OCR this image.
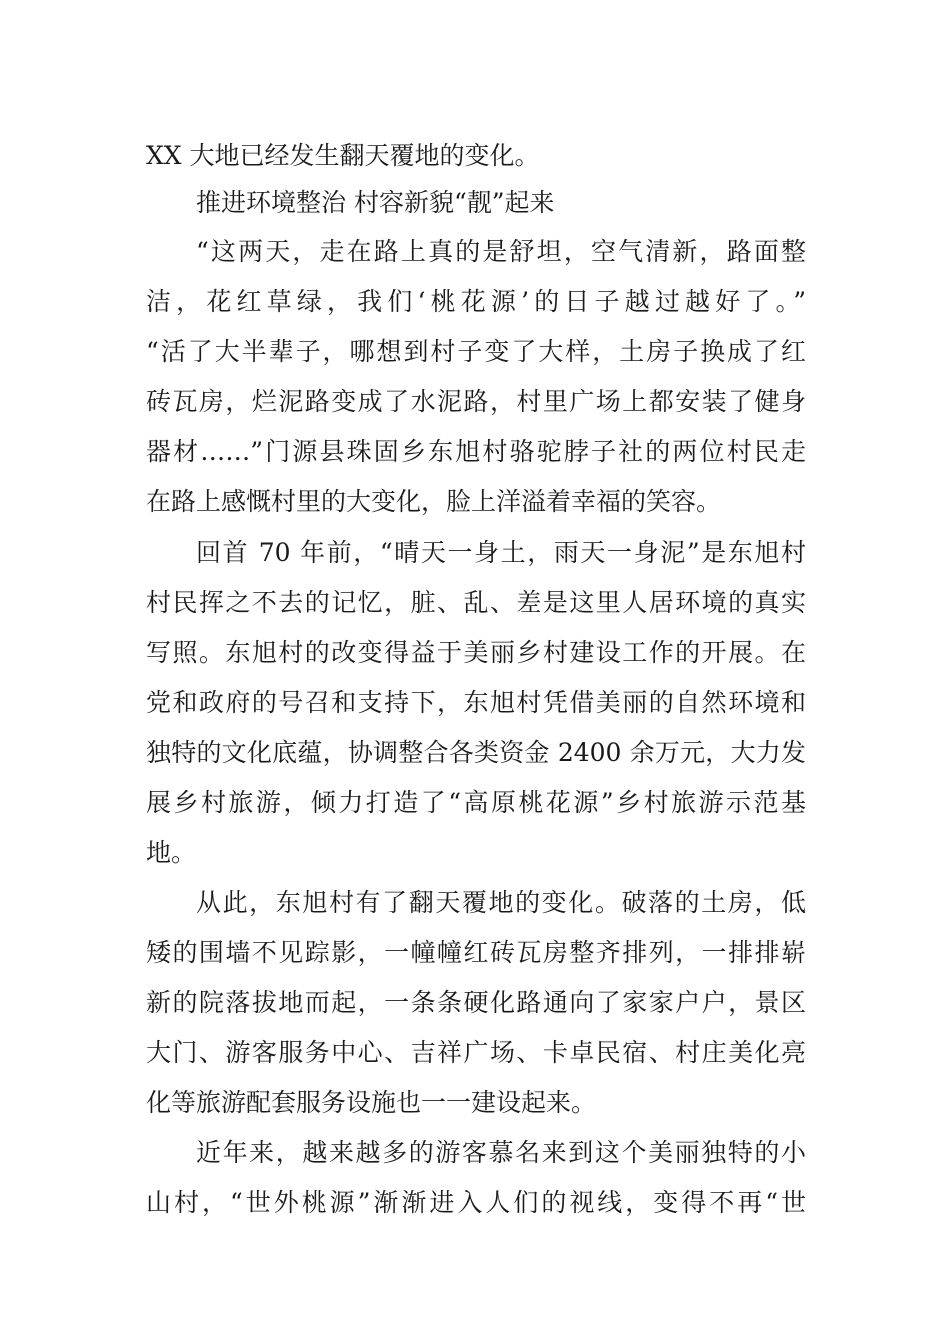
XX 大地已经发生翻天覆地的变化。
推进环境整治 村容新貌“靓”起来
“这两天，走在路上真的是舒坦，空气清新，路面整
洁，花红草绿，我们‘桃花源’的日子越过越好了。”
“活了大半辈子，哪想到村子变了大样，土房子换成了红
砖瓦房，烂泥路变成了水泥路，村里广场上都安装了健身
器材……”门源县珠固乡东旭村骆驼脖子社的两位村民走
在路上感慨村里的大变化，脸上洋溢着幸福的笑容。
回首 70 年前，“晴天一身土，雨天一身泥”是东旭村
村民挥之不去的记忆，脏、乱、差是这里人居环境的真实
写照。东旭村的改变得益于美丽乡村建设工作的开展。在
党和政府的号召和支持下，东旭村凭借美丽的自然环境和
独特的文化底蕴，协调整合各类资金 2400 余万元，大力发
展乡村旅游，倾力打造了“高原桃花源”乡村旅游示范基
地。
从此，东旭村有了翻天覆地的变化。破落的土房，低
矮的围墙不见踪影，一幢幢红砖瓦房整齐排列，一排排崭
新的院落拔地而起，一条条硬化路通向了家家户户，景区
大门、游客服务中心、吉祥广场、卡卓民宿、村庄美化亮
化等旅游配套服务设施也一一建设起来。
近年来，越来越多的游客慕名来到这个美丽独特的小
山村，“世外桃源”渐渐进入人们的视线，变得不再“世
